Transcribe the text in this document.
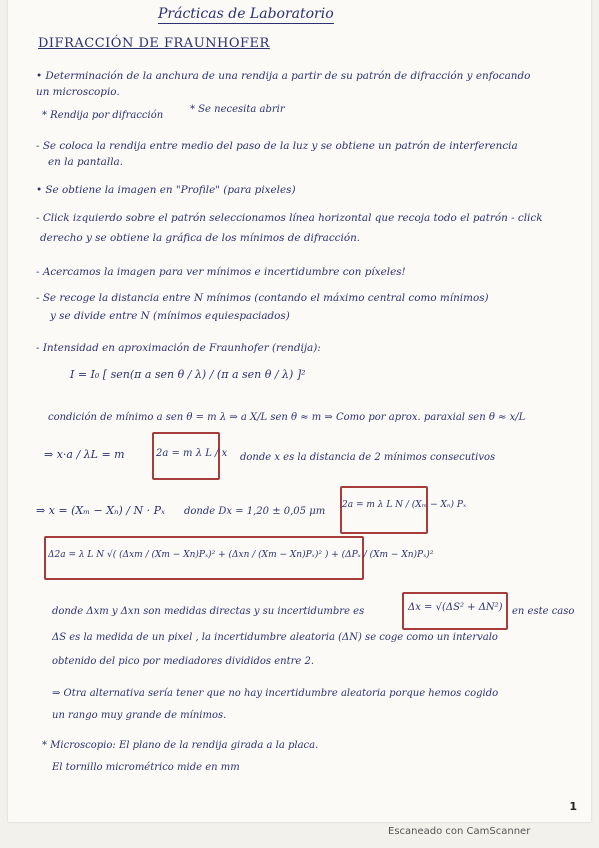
Prácticas de Laboratorio
DIFRACCIÓN DE FRAUNHOFER
• Determinación de la anchura de una rendija a partir de su patrón de difracción y enfocando
un microscopio.
* Rendija por difracción
* Se necesita abrir
- Se coloca la rendija entre medio del paso de la luz y se obtiene un patrón de interferencia
en la pantalla.
• Se obtiene la imagen en "Profile" (para pixeles)
- Click izquierdo sobre el patrón seleccionamos línea horizontal que recoja todo el patrón - click
derecho y se obtiene la gráfica de los mínimos de difracción.
- Acercamos la imagen para ver mínimos e incertidumbre con píxeles!
- Se recoge la distancia entre N mínimos (contando el máximo central como mínimos)
y se divide entre N (mínimos equiespaciados)
- Intensidad en aproximación de Fraunhofer (rendija):
I = I₀ [ sen(π a sen θ / λ) / (π a sen θ / λ) ]²
condición de mínimo a sen θ = m λ ⇒ a X/L sen θ ≈ m ⇒ Como por aprox. paraxial sen θ ≈ x/L
⇒ x·a / λL = m	2a = m λ L / x donde x es la distancia de 2 mínimos consecutivos
⇒ x = (Xₘ − Xₙ) / N · Pₓ donde Dx = 1,20 ± 0,05 μm
2a = m λ L N / (Xₘ − Xₙ) Pₓ
Δ2a = λ L N √( (Δxm / (Xm − Xn)Pₓ)² + (Δxn / (Xm − Xn)Pₓ)² ) + (ΔPₓ / (Xm − Xn)Pₓ)²
donde Δxm y Δxn son medidas directas y su incertidumbre es	Δx = √(ΔS² + ΔN²) en este caso
ΔS es la medida de un pixel , la incertidumbre aleatoria (ΔN) se coge como un intervalo
obtenido del pico por mediadores divididos entre 2.
⇒ Otra alternativa sería tener que no hay incertidumbre aleatoria porque hemos cogido
un rango muy grande de mínimos.
* Microscopio: El plano de la rendija girada a la placa.
El tornillo micrométrico mide en mm
1
Escaneado con CamScanner
